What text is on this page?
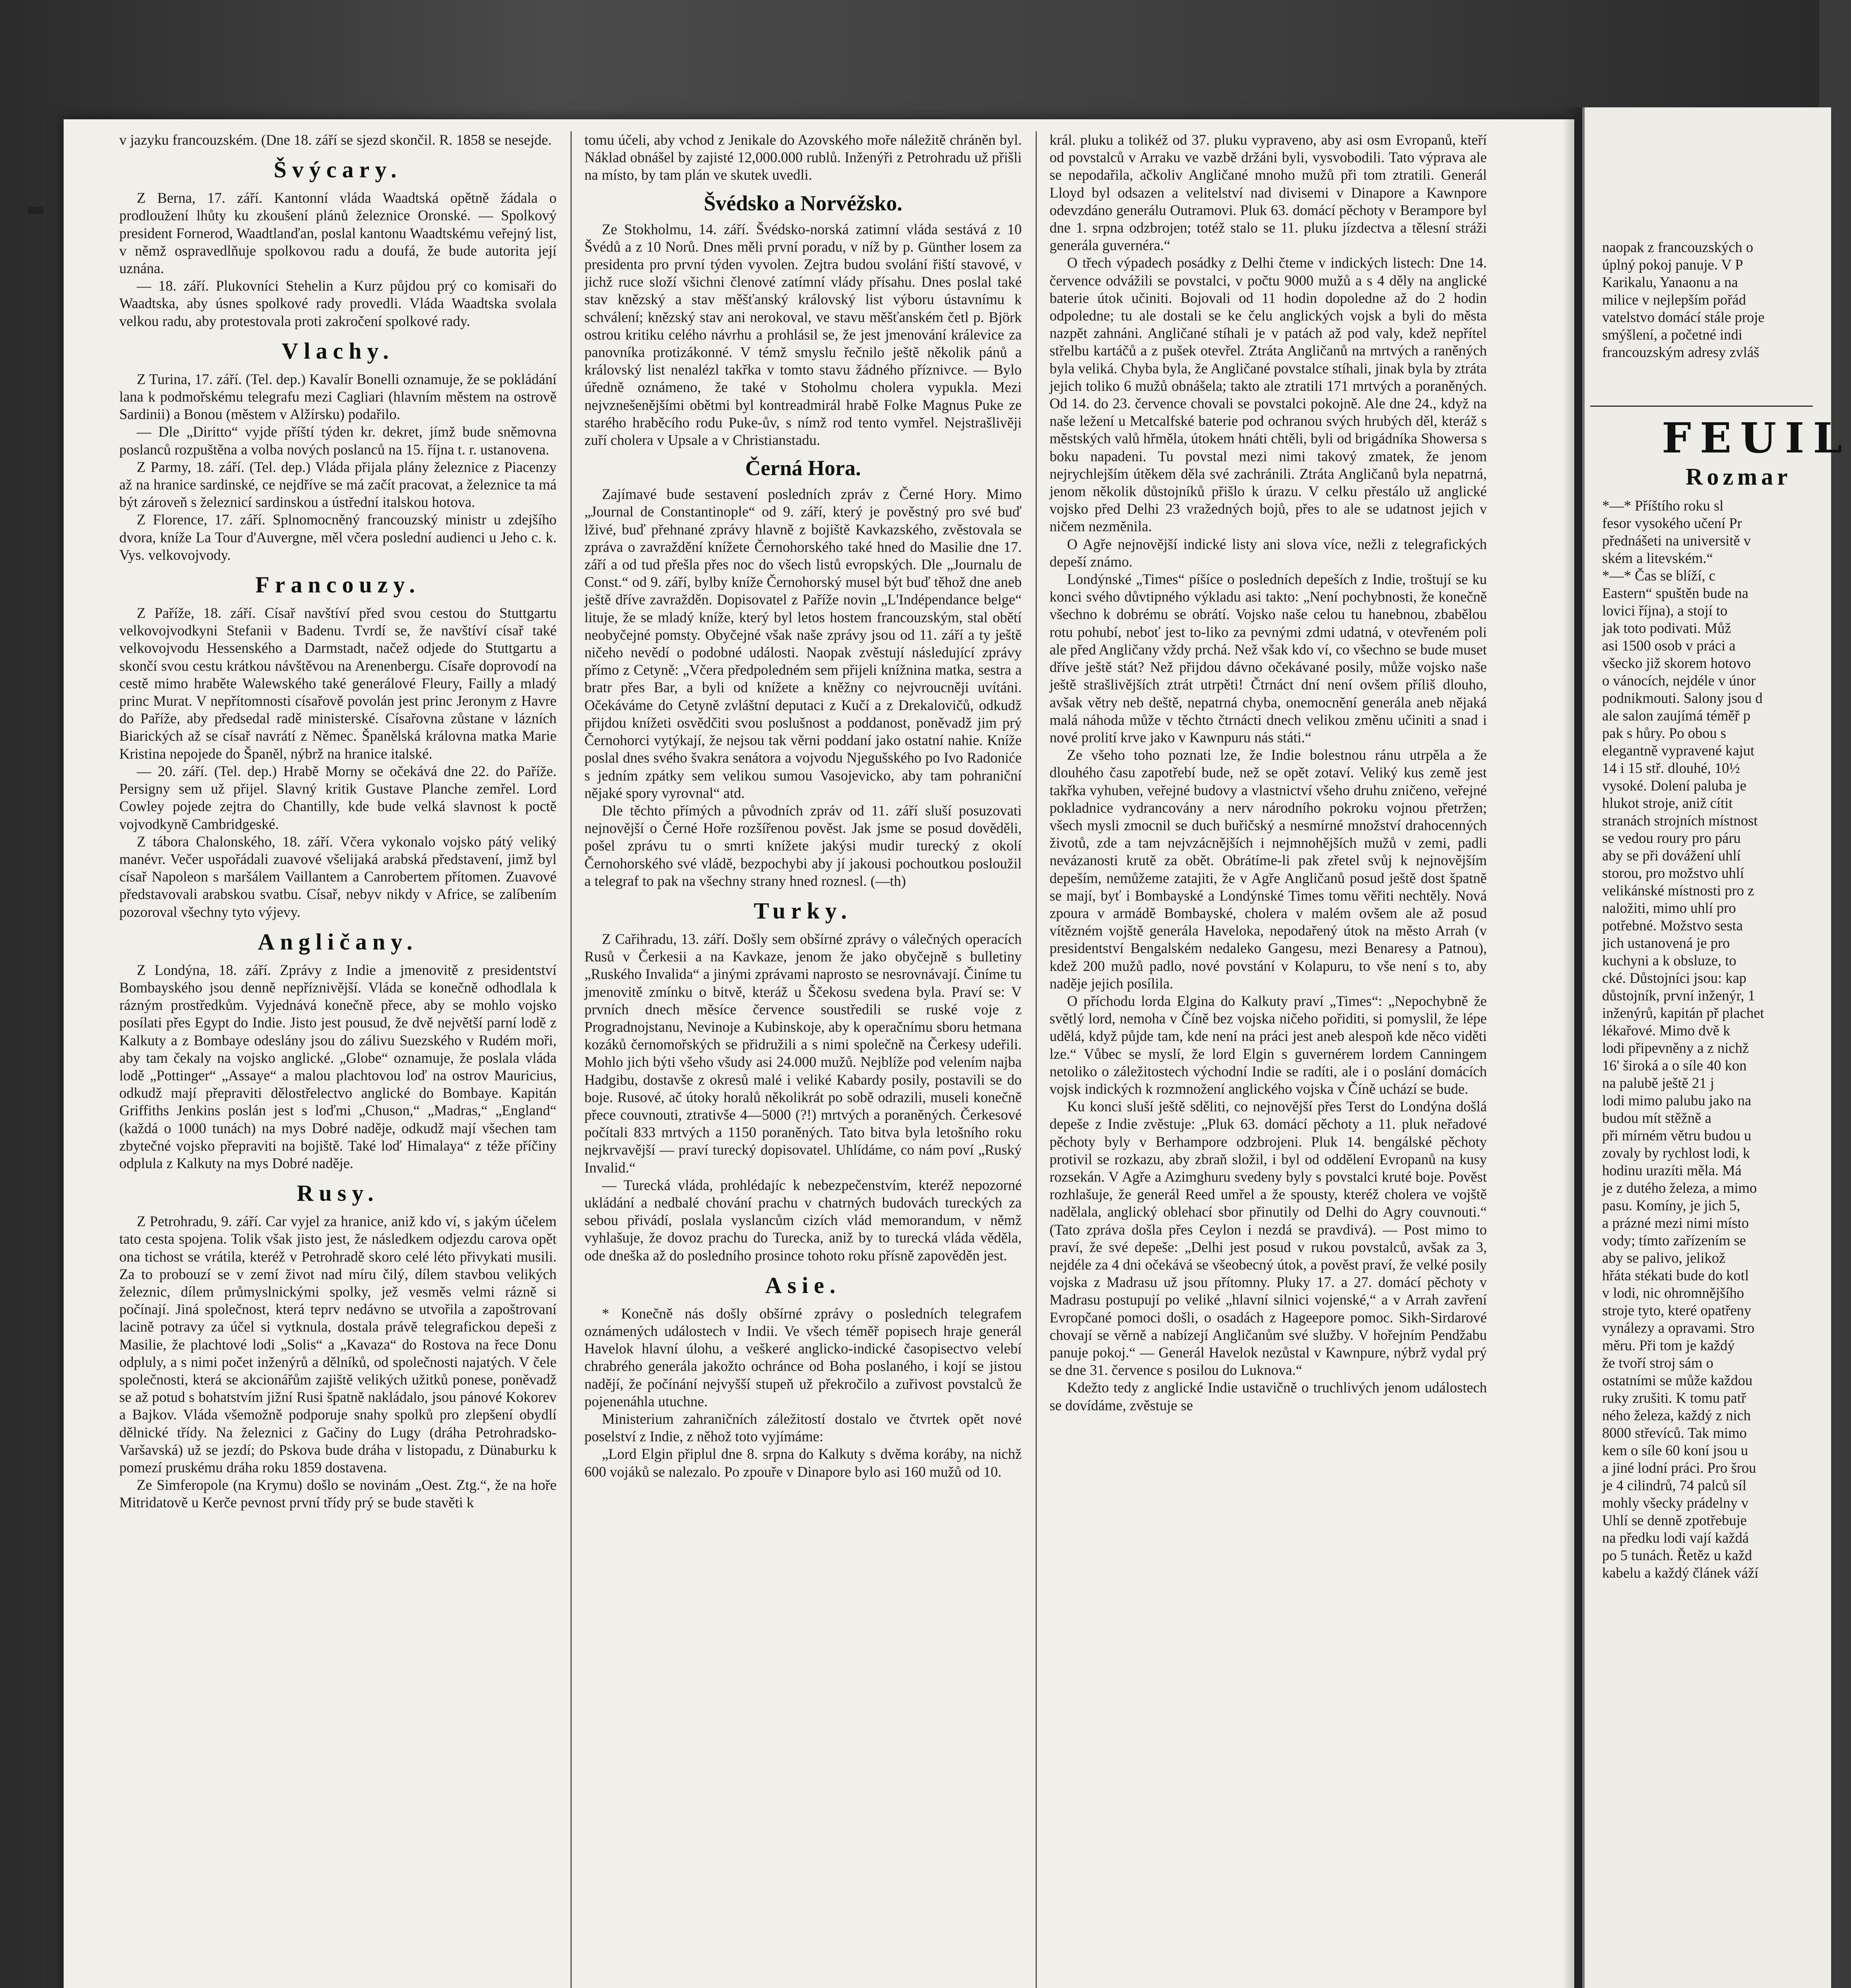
v jazyku francouzském. (Dne 18. září se sjezd skončil. R. 1858 se nesejde.

Švýcary.

Z Berna, 17. září. Kantonní vláda Waadtská opětně žádala o prodloužení lhůty ku zkoušení plánů železnice Oronské. — Spolkový president Fornerod, Waadtlanďan, poslal kantonu Waadtskému veřejný list, v němž ospravedlňuje spolkovou radu a doufá, že bude autorita její uznána.

— 18. září. Plukovníci Stehelin a Kurz půjdou prý co komisaři do Waadtska, aby úsnes spolkové rady provedli. Vláda Waadtska svolala velkou radu, aby protestovala proti zakročení spolkové rady.

Vlachy.

Z Turina, 17. září. (Tel. dep.) Kavalír Bonelli oznamuje, že se pokládání lana k podmořskému telegrafu mezi Cagliari (hlavním městem na ostrově Sardinii) a Bonou (městem v Alžírsku) podařilo.

— Dle „Diritto“ vyjde příští týden kr. dekret, jímž bude sněmovna poslanců rozpuštěna a volba nových poslanců na 15. října t. r. ustanovena.

Z Parmy, 18. září. (Tel. dep.) Vláda přijala plány železnice z Piacenzy až na hranice sardinské, ce nejdříve se má začít pracovat, a železnice ta má být zároveň s železnicí sardinskou a ústřední italskou hotova.

Z Florence, 17. září. Splnomocněný francouzský ministr u zdejšího dvora, kníže La Tour d'Auvergne, měl včera poslední audienci u Jeho c. k. Vys. velkovojvody.

Francouzy.

Z Paříže, 18. září. Císař navštíví před svou cestou do Stuttgartu velkovojvodkyni Stefanii v Badenu. Tvrdí se, že navštíví císař také velkovojvodu Hessenského a Darmstadt, načež odjede do Stuttgartu a skončí svou cestu krátkou návštěvou na Arenenbergu. Císaře doprovodí na cestě mimo hraběte Walewského také generálové Fleury, Failly a mladý princ Murat. V nepřítomnosti císařově povolán jest princ Jeronym z Havre do Paříže, aby předsedal radě ministerské. Císařovna zůstane v lázních Biarických až se císař navrátí z Němec. Španělská královna matka Marie Kristina nepojede do Španěl, nýbrž na hranice italské.

— 20. září. (Tel. dep.) Hrabě Morny se očekává dne 22. do Paříže. Persigny sem už přijel. Slavný kritik Gustave Planche zemřel. Lord Cowley pojede zejtra do Chantilly, kde bude velká slavnost k poctě vojvodkyně Cambridgeské.

Z tábora Chalonského, 18. září. Včera vykonalo vojsko pátý veliký manévr. Večer uspořádali zuavové všelijaká arabská představení, jimž byl císař Napoleon s maršálem Vaillantem a Canrobertem přítomen. Zuavové představovali arabskou svatbu. Císař, nebyv nikdy v Africe, se zalíbením pozoroval všechny tyto výjevy.

Angličany.

Z Londýna, 18. září. Zprávy z Indie a jmenovitě z presidentství Bombayského jsou denně nepříznivější. Vláda se konečně odhodlala k rázným prostředkům. Vyjednává konečně přece, aby se mohlo vojsko posílati přes Egypt do Indie. Jisto jest pousud, že dvě největší parní lodě z Kalkuty a z Bombaye odeslány jsou do zálivu Suezského v Rudém moři, aby tam čekaly na vojsko anglické. „Globe“ oznamuje, že poslala vláda lodě „Pottinger“ „Assaye“ a malou plachtovou loď na ostrov Mauricius, odkudž mají přepraviti dělostřelectvo anglické do Bombaye. Kapitán Griffiths Jenkins poslán jest s loďmi „Chuson,“ „Madras,“ „England“ (každá o 1000 tunách) na mys Dobré naděje, odkudž mají všechen tam zbytečné vojsko přepraviti na bojiště. Také loď Himalaya“ z téže příčiny odplula z Kalkuty na mys Dobré naděje.

Rusy.

Z Petrohradu, 9. září. Car vyjel za hranice, aniž kdo ví, s jakým účelem tato cesta spojena. Tolik však jisto jest, že následkem odjezdu carova opět ona tichost se vrátila, kteréž v Petrohradě skoro celé léto přivykati musili. Za to probouzí se v zemí život nad míru čilý, dílem stavbou velikých železnic, dílem průmyslnickými spolky, jež vesměs velmi rázně si počínají. Jiná společnost, která teprv nedávno se utvořila a zapoštrovaní lacině potravy za účel si vytknula, dostala právě telegrafickou depeši z Masilie, že plachtové lodi „Solis“ a „Kavaza“ do Rostova na řece Donu odpluly, a s nimi počet inženýrů a dělníků, od společnosti najatých. V čele společnosti, která se akcionářům zajiště velikých užitků ponese, poněvadž se až potud s bohatstvím jižní Rusi špatně nakládalo, jsou pánové Kokorev a Bajkov. Vláda všemožně podporuje snahy spolků pro zlepšení obydlí dělnické třídy. Na železnici z Gačiny do Lugy (dráha Petrohradsko-Varšavská) už se jezdí; do Pskova bude dráha v listopadu, z Dünaburku k pomezí pruskému dráha roku 1859 dostavena.

Ze Simferopole (na Krymu) došlo se novinám „Oest. Ztg.“, že na hoře Mitridatově u Kerče pevnost první třídy prý se bude stavěti k

tomu účeli, aby vchod z Jenikale do Azovského moře náležitě chráněn byl. Náklad obnášel by zajisté 12,000.000 rublů. Inženýři z Petrohradu už přišli na místo, by tam plán ve skutek uvedli.

Švédsko a Norvéžsko.

Ze Stokholmu, 14. září. Švédsko-norská zatimní vláda sestává z 10 Švédů a z 10 Norů. Dnes měli první poradu, v níž by p. Günther losem za presidenta pro první týden vyvolen. Zejtra budou svolání řiští stavové, v jichž ruce složí všichni členové zatímní vlády přísahu. Dnes poslal také stav knězský a stav měšťanský královský list výboru ústavnímu k schválení; knězský stav ani nerokoval, ve stavu měšťanském četl p. Björk ostrou kritiku celého návrhu a prohlásil se, že jest jmenování králevice za panovníka protizákonné. V témž smyslu řečnilo ještě několik pánů a královský list nenalézl takřka v tomto stavu žádného příznivce. — Bylo úředně oznámeno, že také v Stoholmu cholera vypukla. Mezi nejvznešenějšími obětmi byl kontreadmirál hrabě Folke Magnus Puke ze starého hraběcího rodu Puke-ův, s nímž rod tento vymřel. Nejstrašlivěji zuří cholera v Upsale a v Christianstadu.

Černá Hora.

Zajímavé bude sestavení posledních zpráv z Černé Hory. Mimo „Journal de Constantinople“ od 9. září, který je pověstný pro své buď lživé, buď přehnané zprávy hlavně z bojiště Kavkazského, zvěstovala se zpráva o zavraždění knížete Černohorského také hned do Masilie dne 17. září a od tud přešla přes noc do všech listů evropských. Dle „Journalu de Const.“ od 9. září, bylby kníže Černohorský musel být buď těhož dne aneb ještě dříve zavražděn. Dopisovatel z Paříže novin „L'Indépendance belge“ lituje, že se mladý kníže, který byl letos hostem francouzským, stal obětí neobyčejné pomsty. Obyčejné však naše zprávy jsou od 11. září a ty ještě ničeho nevědí o podobné události. Naopak zvěstují následující zprávy přímo z Cetyně: „Včera předpoledném sem přijeli knížnina matka, sestra a bratr přes Bar, a byli od knížete a kněžny co nejvroucněji uvítáni. Očekáváme do Cetyně zvláštní deputaci z Kučí a z Drekalovičů, odkudž přijdou knížeti osvědčiti svou poslušnost a poddanost, poněvadž jim prý Černohorci vytýkají, že nejsou tak věrni poddaní jako ostatní nahie. Kníže poslal dnes svého švakra senátora a vojvodu Njegušského po Ivo Radoniće s jedním zpátky sem velikou sumou Vasojevicko, aby tam pohraniční nějaké spory vyrovnal“ atd.

Dle těchto přímých a původních zpráv od 11. září sluší posuzovati nejnovější o Černé Hoře rozšířenou pověst. Jak jsme se posud dověděli, pošel zprávu tu o smrti knížete jakýsi mudir turecký z okolí Černohorského své vládě, bezpochybi aby jí jakousi pochoutkou posloužil a telegraf to pak na všechny strany hned roznesl. (—th)

Turky.

Z Cařihradu, 13. září. Došly sem obšírné zprávy o válečných operacích Rusů v Čerkesii a na Kavkaze, jenom že jako obyčejně s bulletiny „Ruského Invalida“ a jinými zprávami naprosto se nesrovnávají. Činíme tu jmenovitě zmínku o bitvě, kteráž u Ščekosu svedena byla. Praví se: V prvních dnech měsíce července soustředili se ruské voje z Progradnojstanu, Nevinoje a Kubinskoje, aby k operačnímu sboru hetmana kozáků černomořských se přidružili a s nimi společně na Čerkesy udeřili. Mohlo jich býti všeho všudy asi 24.000 mužů. Nejblíže pod velením najba Hadgibu, dostavše z okresů malé i veliké Kabardy posily, postavili se do boje. Rusové, ač útoky horalů několikrát po sobě odrazili, museli konečně přece couvnouti, ztrativše 4—5000 (?!) mrtvých a poraněných. Čerkesové počítali 833 mrtvých a 1150 poraněných. Tato bitva byla letošního roku nejkrvavější — praví turecký dopisovatel. Uhlídáme, co nám poví „Ruský Invalid.“

— Turecká vláda, prohlédajíc k nebezpečenstvím, kteréž nepozorné ukládání a nedbalé chování prachu v chatrných budovách tureckých za sebou přivádí, poslala vyslancům cizích vlád memorandum, v němž vyhlašuje, že dovoz prachu do Turecka, aniž by to turecká vláda věděla, ode dneška až do posledního prosince tohoto roku přísně zapověděn jest.

Asie.

* Konečně nás došly obšírné zprávy o posledních telegrafem oznámených událostech v Indii. Ve všech téměř popisech hraje generál Havelok hlavní úlohu, a veškeré anglicko-indické časopisectvo velebí chrabrého generála jakožto ochránce od Boha poslaného, i kojí se jistou nadějí, že počínání nejvyšší stupeň už překročilo a zuřivost povstalců že pojenenáhla utuchne.

Ministerium zahraničních záležitostí dostalo ve čtvrtek opět nové poselství z Indie, z něhož toto vyjímáme:

„Lord Elgin připlul dne 8. srpna do Kalkuty s dvěma koráby, na nichž 600 vojáků se nalezalo. Po zpouře v Dinapore bylo asi 160 mužů od 10.

král. pluku a tolikéž od 37. pluku vypraveno, aby asi osm Evropanů, kteří od povstalců v Arraku ve vazbě držáni byli, vysvobodili. Tato výprava ale se nepodařila, ačkoliv Angličané mnoho mužů při tom ztratili. Generál Lloyd byl odsazen a velitelství nad divisemi v Dinapore a Kawnpore odevzdáno generálu Outramovi. Pluk 63. domácí pěchoty v Berampore byl dne 1. srpna odzbrojen; totéž stalo se 11. pluku jízdectva a tělesní stráži generála guvernéra.“

O třech výpadech posádky z Delhi čteme v indických listech: Dne 14. července odvážili se povstalci, v počtu 9000 mužů a s 4 děly na anglické baterie útok učiniti. Bojovali od 11 hodin dopoledne až do 2 hodin odpoledne; tu ale dostali se ke čelu anglických vojsk a byli do města nazpět zahnáni. Angličané stíhali je v patách až pod valy, kdež nepřítel střelbu kartáčů a z pušek otevřel. Ztráta Angličanů na mrtvých a raněných byla veliká. Chyba byla, že Angličané povstalce stíhali, jinak byla by ztráta jejich toliko 6 mužů obnášela; takto ale ztratili 171 mrtvých a poraněných. Od 14. do 23. července chovali se povstalci pokojně. Ale dne 24., když na naše ležení u Metcalfské baterie pod ochranou svých hrubých děl, kteráž s městských valů hřměla, útokem hnáti chtěli, byli od brigádníka Showersa s boku napadeni. Tu povstal mezi nimi takový zmatek, že jenom nejrychlejším útěkem děla své zachránili. Ztráta Angličanů byla nepatrná, jenom několik důstojníků přišlo k úrazu. V celku přestálo už anglické vojsko před Delhi 23 vražedných bojů, přes to ale se udatnost jejich v ničem nezměnila.

O Agře nejnovější indické listy ani slova více, nežli z telegrafických depeší známo.

Londýnské „Times“ píšíce o posledních depeších z Indie, troštují se ku konci svého důvtipného výkladu asi takto: „Není pochybnosti, že konečně všechno k dobrému se obrátí. Vojsko naše celou tu hanebnou, zbabělou rotu pohubí, neboť jest to-liko za pevnými zdmi udatná, v otevřeném poli ale před Angličany vždy prchá. Než však kdo ví, co všechno se bude muset dříve ještě stát? Než přijdou dávno očekávané posily, může vojsko naše ještě strašlivějších ztrát utrpěti! Čtrnáct dní není ovšem příliš dlouho, avšak větry neb deště, nepatrná chyba, onemocnění generála aneb nějaká malá náhoda může v těchto čtrnácti dnech velikou změnu učiniti a snad i nové prolití krve jako v Kawnpuru nás státi.“

Ze všeho toho poznati lze, že Indie bolestnou ránu utrpěla a že dlouhého času zapotřebí bude, než se opět zotaví. Veliký kus země jest takřka vyhuben, veřejné budovy a vlastnictví všeho druhu zničeno, veřejné pokladnice vydrancovány a nerv národního pokroku vojnou přetržen; všech mysli zmocnil se duch buřičský a nesmírné množství drahocenných životů, zde a tam nejvzácnějších i nejmnohějších mužů v zemi, padli nevázanosti krutě za obět. Obrátíme-li pak zřetel svůj k nejnovějším depeším, nemůžeme zatajiti, že v Agře Angličanů posud ještě dost špatně se mají, byť i Bombayské a Londýnské Times tomu věřiti nechtěly. Nová zpoura v armádě Bombayské, cholera v malém ovšem ale až posud vítězném vojště generála Havelokа, nepodařený útok na město Arrah (v presidentství Bengalském nedaleko Gangesu, mezi Benaresy a Patnou), kdež 200 mužů padlo, nové povstání v Kolapuru, to vše není s to, aby naděje jejich posílila.

O příchodu lorda Elgina do Kalkuty praví „Times“: „Nepochybně že světlý lord, nemoha v Číně bez vojska ničeho pořiditi, si pomyslil, že lépe udělá, když půjde tam, kde není na práci jest aneb alespoň kde něco viděti lze.“ Vůbec se myslí, že lord Elgin s guvernérem lordem Canningem netoliko o záležitostech východní Indie se radíti, ale i o poslání domácích vojsk indických k rozmnožení anglického vojska v Číně uchází se bude.

Ku konci sluší ještě sděliti, co nejnovější přes Terst do Londýna došlá depeše z Indie zvěstuje: „Pluk 63. domácí pěchoty a 11. pluk neřadové pěchoty byly v Berhampore odzbrojeni. Pluk 14. bengálské pěchoty protivil se rozkazu, aby zbraň složil, i byl od oddělení Evropanů na kusy rozsekán. V Agře a Azimghuru svedeny byly s povstalci kruté boje. Pověst rozhlašuje, že generál Reed umřel a že spousty, kteréž cholera ve vojště nadělala, anglický oblehací sbor přinutily od Delhi do Agry couvnouti.“ (Tato zpráva došla přes Ceylon i nezdá se pravdivá). — Post mimo to praví, že své depeše: „Delhi jest posud v rukou povstalců, avšak za 3, nejdéle za 4 dni očekává se všeobecný útok, a pověst praví, že velké posily vojska z Madrasu už jsou přítomny. Pluky 17. a 27. domácí pěchoty v Madrasu postupují po veliké „hlavní silnici vojenské,“ a v Arrah zavření Evropčané pomoci došli, o osadách z Hageepore pomoc. Sikh-Sirdarové chovají se věrně a nabízejí Angličanům své služby. V hořejním Pendžabu panuje pokoj.“ — Generál Havelok nezůstal v Kawnpure, nýbrž vydal prý se dne 31. července s posilou do Luknova.“

Kdežto tedy z anglické Indie ustavičně o truchlivých jenom událostech se dovídáme, zvěstuje se

naopak z francouzských o
úplný pokoj panuje. V P
Karikalu, Yanaonu a na
milice v nejlepším pořád
vatelstvo domácí stále proje
smýšlení, a početné indi
francouzským adresy zvláš
FEUIL
Rozmar
*—* Příštího roku sl
fesor vysokého učení Pr
přednášeti na universitě v
ském a litevském.“
*—* Čas se blíží, c
Eastern“ spuštěn bude na
lovici října), a stojí to
jak toto podivati. Můž
asi 1500 osob v práci a
všecko již skorem hotovo
o vánocích, nejdéle v únor
podnikmouti. Salony jsou d
ale salon zaujímá téměř p
pak s hůry. Po obou s
elegantně vypravené kajut
14 i 15 stř. dlouhé, 10½
vysoké. Dolení paluba je
hlukot stroje, aniž cítit
stranách strojních místnost
se vedou roury pro páru
aby se při dovážení uhlí
storou, pro možstvo uhlí
velikánské místnosti pro z
naložiti, mimo uhlí pro
potřebné. Možstvo sesta
jich ustanovená je pro
kuchyni a k obsluze, to
cké. Důstojníci jsou: kap
důstojník, první inženýr, 1
inženýrů, kapitán př plachet
lékařové. Mimo dvě k
lodi připevněny a z nichž
16' široká a o síle 40 kon
na palubě ještě 21 j
lodi mimo palubu jako na
budou mít stěžně a
při mírném větru budou u
zovaly by rychlost lodi, k
hodinu urazíti měla. Má
je z dutého železa, a mimo
pasu. Komíny, je jich 5,
a prázné mezi nimi místo
vody; tímto zařízením se
aby se palivo, jelikož
hřáta stékati bude do kotl
v lodi, nic ohromnějšího
stroje tyto, které opatřeny
vynálezy a opravami. Stro
měru. Při tom je každý
že tvoří stroj sám o
ostatními se může každou
ruky zrušiti. K tomu patř
ného železa, každý z nich
8000 střevíců. Tak mimo
kem o síle 60 koní jsou u
a jiné lodní práci. Pro šrou
je 4 cilindrů, 74 palců síl
mohly všecky prádelny v
Uhlí se denně zpotřebuje
na předku lodi vají každá
po 5 tunách. Řetěz u každ
kabelu a každý článek váží
